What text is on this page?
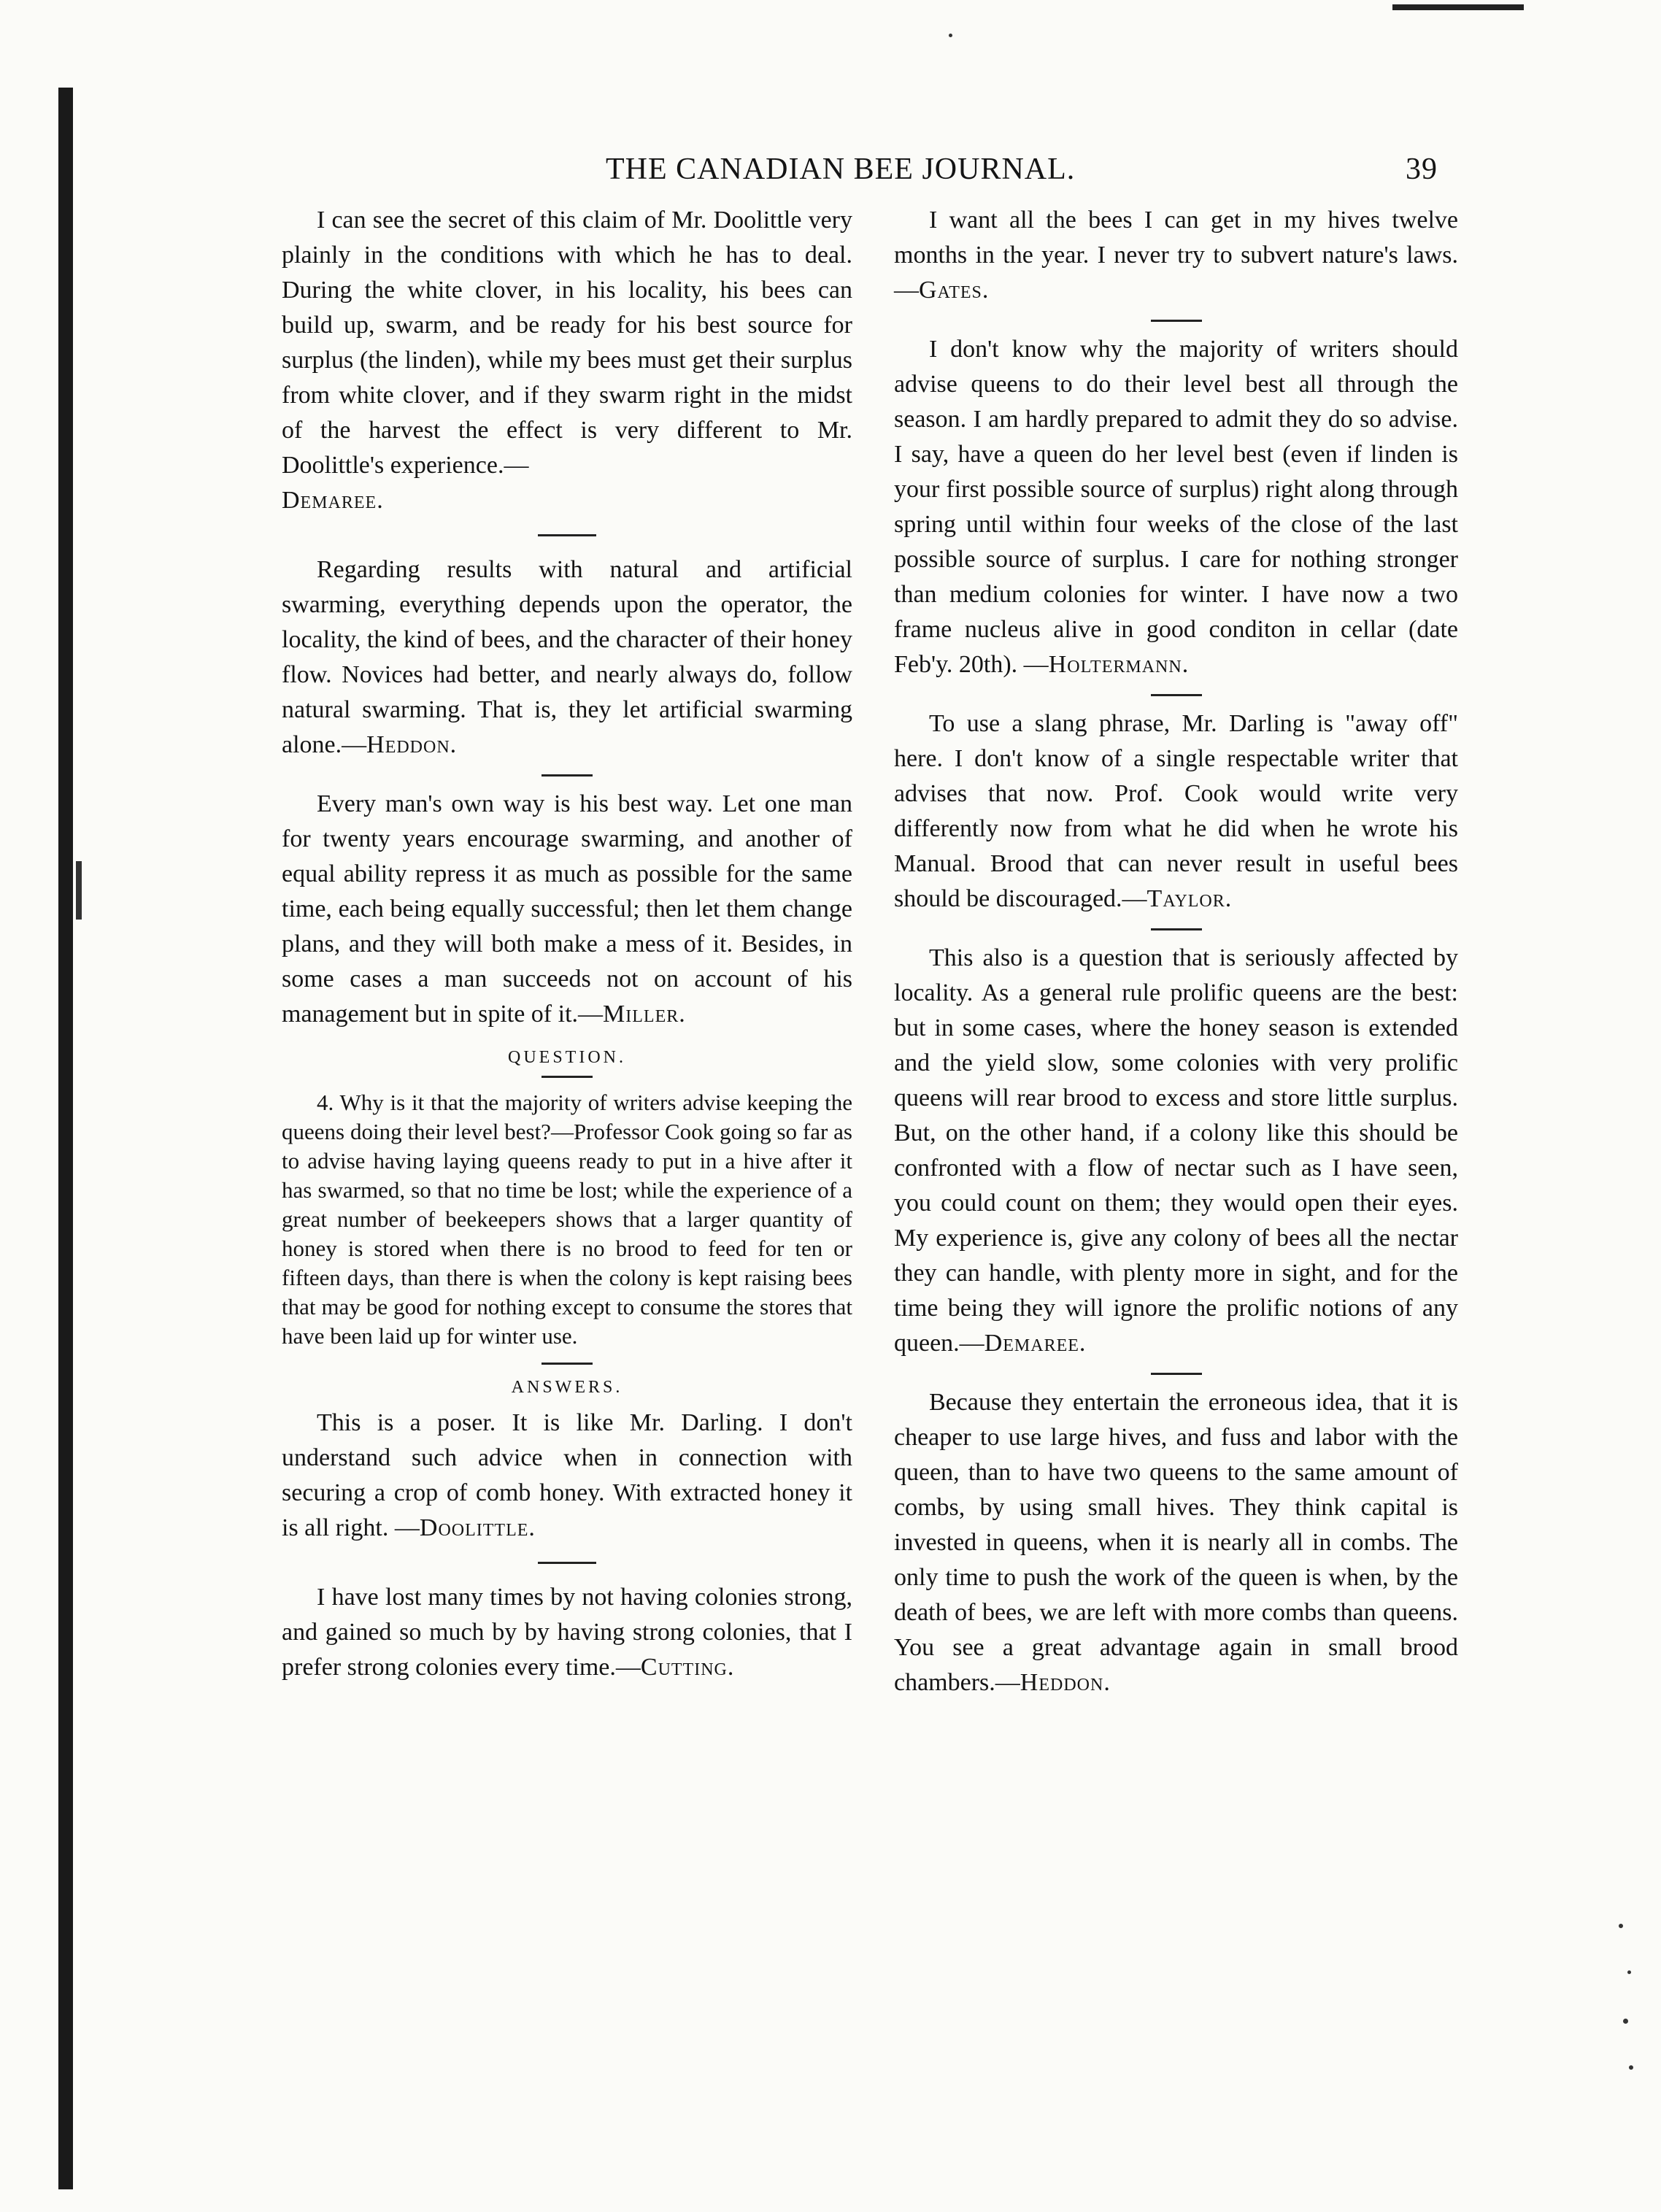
THE CANADIAN BEE JOURNAL.	39

I can see the secret of this claim of Mr. Doolittle very plainly in the conditions with which he has to deal. During the white clover, in his locality, his bees can build up, swarm, and be ready for his best source for surplus (the linden), while my bees must get their surplus from white clover, and if they swarm right in the midst of the harvest the effect is very different to Mr. Doolittle's experience.—
Demaree.

Regarding results with natural and artificial swarming, everything depends upon the operator, the locality, the kind of bees, and the character of their honey flow. Novices had better, and nearly always do, follow natural swarming. That is, they let artificial swarming alone.—Heddon.

Every man's own way is his best way. Let one man for twenty years encourage swarming, and another of equal ability repress it as much as possible for the same time, each being equally successful; then let them change plans, and they will both make a mess of it. Besides, in some cases a man succeeds not on account of his management but in spite of it.—Miller.

QUESTION.

4. Why is it that the majority of writers advise keeping the queens doing their level best?—Professor Cook going so far as to advise having laying queens ready to put in a hive after it has swarmed, so that no time be lost; while the experience of a great number of beekeepers shows that a larger quantity of honey is stored when there is no brood to feed for ten or fifteen days, than there is when the colony is kept raising bees that may be good for nothing except to consume the stores that have been laid up for winter use.

ANSWERS.

This is a poser. It is like Mr. Darling. I don't understand such advice when in connection with securing a crop of comb honey. With extracted honey it is all right. —Doolittle.

I have lost many times by not having colonies strong, and gained so much by by having strong colonies, that I prefer strong colonies every time.—Cutting.

I want all the bees I can get in my hives twelve months in the year. I never try to subvert nature's laws.—Gates.

I don't know why the majority of writers should advise queens to do their level best all through the season. I am hardly prepared to admit they do so advise. I say, have a queen do her level best (even if linden is your first possible source of surplus) right along through spring until within four weeks of the close of the last possible source of surplus. I care for nothing stronger than medium colonies for winter. I have now a two frame nucleus alive in good conditon in cellar (date Feb'y. 20th). —Holtermann.

To use a slang phrase, Mr. Darling is "away off" here. I don't know of a single respectable writer that advises that now. Prof. Cook would write very differently now from what he did when he wrote his Manual. Brood that can never result in useful bees should be discouraged.—Taylor.

This also is a question that is seriously affected by locality. As a general rule prolific queens are the best: but in some cases, where the honey season is extended and the yield slow, some colonies with very prolific queens will rear brood to excess and store little surplus. But, on the other hand, if a colony like this should be confronted with a flow of nectar such as I have seen, you could count on them; they would open their eyes. My experience is, give any colony of bees all the nectar they can handle, with plenty more in sight, and for the time being they will ignore the prolific notions of any queen.—Demaree.

Because they entertain the erroneous idea, that it is cheaper to use large hives, and fuss and labor with the queen, than to have two queens to the same amount of combs, by using small hives. They think capital is invested in queens, when it is nearly all in combs. The only time to push the work of the queen is when, by the death of bees, we are left with more combs than queens. You see a great advantage again in small brood chambers.—Heddon.
